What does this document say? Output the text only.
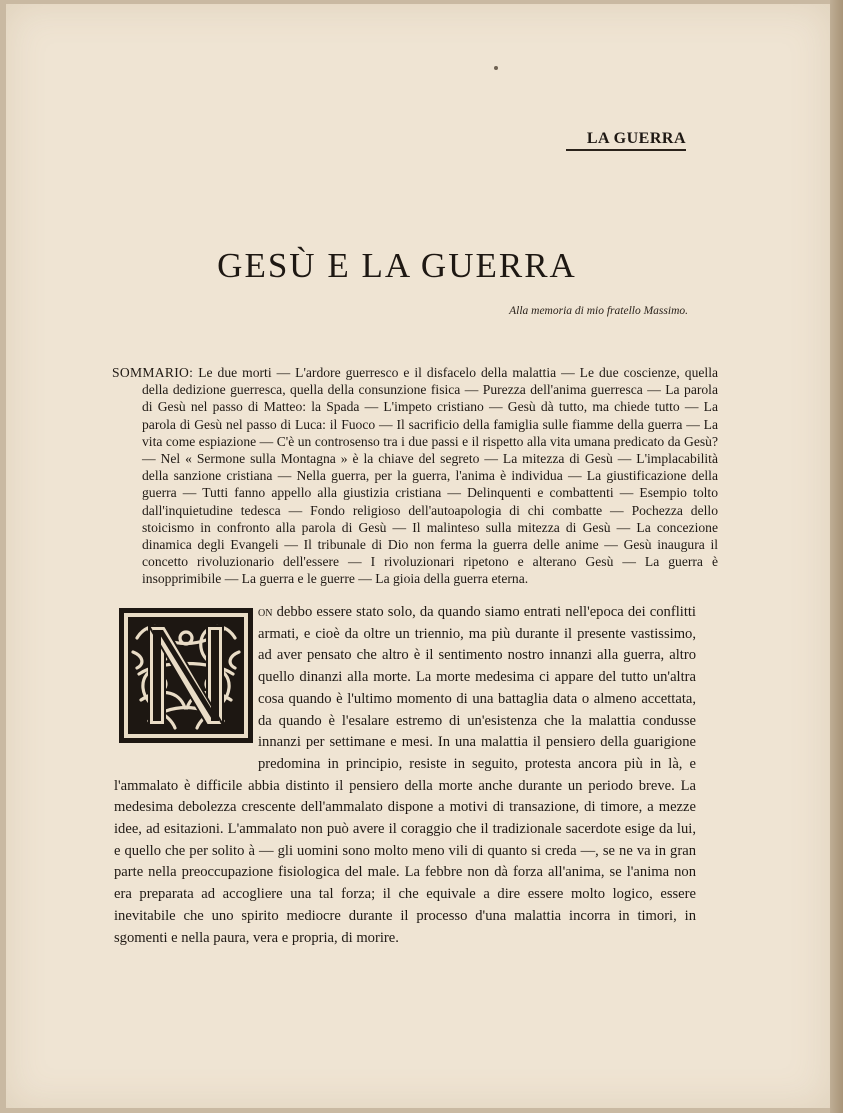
LA GUERRA
GESÙ E LA GUERRA
Alla memoria di mio fratello Massimo.

SOMMARIO: Le due morti — L'ardore guerresco e il disfacelo della malattia — Le due coscienze, quella della dedizione guerresca, quella della consunzione fisica — Purezza dell'anima guerresca — La parola di Gesù nel passo di Matteo: la Spada — L'impeto cristiano — Gesù dà tutto, ma chiede tutto — La parola di Gesù nel passo di Luca: il Fuoco — Il sacrificio della famiglia sulle fiamme della guerra — La vita come espiazione — C'è un controsenso tra i due passi e il rispetto alla vita umana predicato da Gesù? — Nel « Sermone sulla Montagna » è la chiave del segreto — La mitezza di Gesù — L'implacabilità della sanzione cristiana — Nella guerra, per la guerra, l'anima è individua — La giustificazione della guerra — Tutti fanno appello alla giustizia cristiana — Delinquenti e combattenti — Esempio tolto dall'inquietudine tedesca — Fondo religioso dell'autoapologia di chi combatte — Pochezza dello stoicismo in confronto alla parola di Gesù — Il malinteso sulla mitezza di Gesù — La concezione dinamica degli Evangeli — Il tribunale di Dio non ferma la guerra delle anime — Gesù inaugura il concetto rivoluzionario dell'essere — I rivoluzionari ripetono e alterano Gesù — La guerra è insopprimibile — La guerra e le guerre — La gioia della guerra eterna.

on debbo essere stato solo, da quando siamo entrati nell'epoca dei conflitti armati, e cioè da oltre un triennio, ma più durante il presente vastissimo, ad aver pensato che altro è il sentimento nostro innanzi alla guerra, altro quello dinanzi alla morte. La morte medesima ci appare del tutto un'altra cosa quando è l'ultimo momento di una battaglia data o almeno accettata, da quando è l'esalare estremo di un'esistenza che la malattia condusse innanzi per settimane e mesi. In una malattia il pensiero della guarigione predomina in principio, resiste in seguito, protesta ancora più in là, e l'ammalato è difficile abbia distinto il pensiero della morte anche durante un periodo breve. La medesima debolezza crescente dell'ammalato dispone a motivi di transazione, di timore, a mezze idee, ad esitazioni. L'ammalato non può avere il coraggio che il tradizionale sacerdote esige da lui, e quello che per solito à — gli uomini sono molto meno vili di quanto si creda —, se ne va in gran parte nella preoccupazione fisiologica del male. La febbre non dà forza all'anima, se l'anima non era preparata ad accogliere una tal forza; il che equivale a dire essere molto logico, essere inevitabile che uno spirito mediocre durante il processo d'una malattia incorra in timori, in sgomenti e nella paura, vera e propria, di morire.
